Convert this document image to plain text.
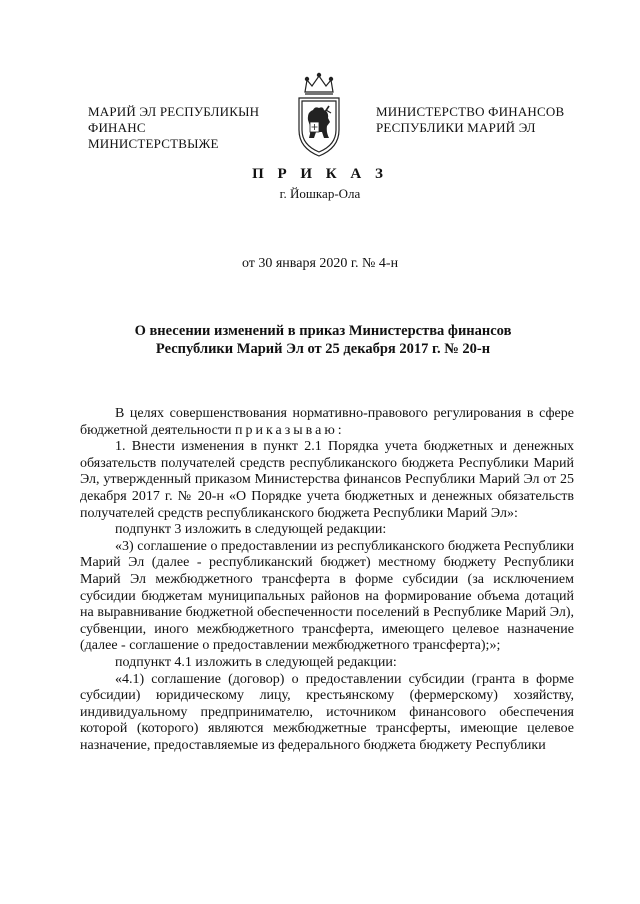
МАРИЙ ЭЛ РЕСПУБЛИКЫН
ФИНАНС МИНИСТЕРСТВЫЖЕ
МИНИСТЕРСТВО ФИНАНСОВ
РЕСПУБЛИКИ МАРИЙ ЭЛ
П Р И К А З
г. Йошкар-Ола
от 30 января 2020 г. № 4-н
О внесении изменений в приказ Министерства финансов
Республики Марий Эл от 25 декабря 2017 г. № 20-н

В целях совершенствования нормативно-правового регулирования в сфере бюджетной деятельности приказываю:

1. Внести изменения в пункт 2.1 Порядка учета бюджетных и денежных обязательств получателей средств республиканского бюджета Республики Марий Эл, утвержденный приказом Министерства финансов Республики Марий Эл от 25 декабря 2017 г. № 20-н «О Порядке учета бюджетных и денежных обязательств получателей средств республиканского бюджета Республики Марий Эл»:

подпункт 3 изложить в следующей редакции:

«3) соглашение о предоставлении из республиканского бюджета Республики Марий Эл (далее - республиканский бюджет) местному бюджету Республики Марий Эл межбюджетного трансферта в форме субсидии (за исключением субсидии бюджетам муниципальных районов на формирование объема дотаций на выравнивание бюджетной обеспеченности поселений в Республике Марий Эл), субвенции, иного межбюджетного трансферта, имеющего целевое назначение (далее - соглашение о предоставлении межбюджетного трансферта);»;

подпункт 4.1 изложить в следующей редакции:

«4.1) соглашение (договор) о предоставлении субсидии (гранта в форме субсидии) юридическому лицу, крестьянскому (фермерскому) хозяйству, индивидуальному предпринимателю, источником финансового обеспечения которой (которого) являются межбюджетные трансферты, имеющие целевое назначение, предоставляемые из федерального бюджета бюджету Республики
